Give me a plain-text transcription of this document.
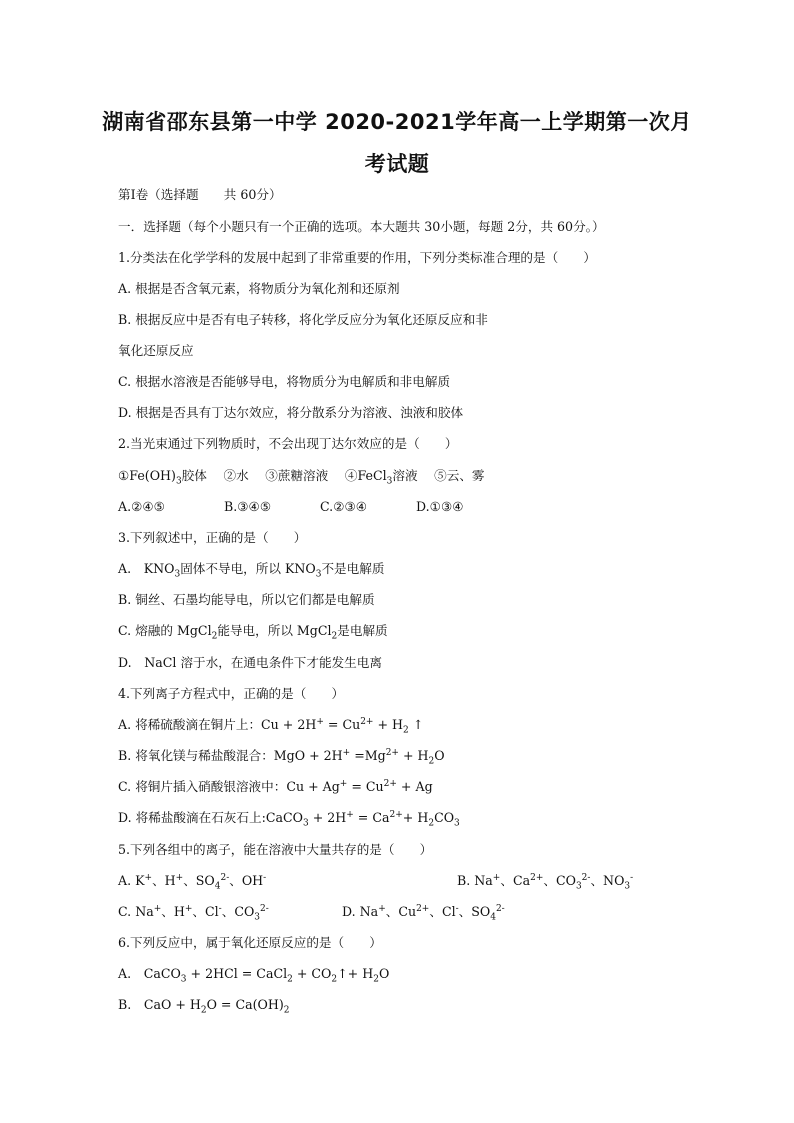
湖南省邵东县第一中学 2020-2021学年高一上学期第一次月
考试题
第Ⅰ卷（选择题　　共 60分）
一．选择题（每个小题只有一个正确的选项。本大题共 30小题，每题 2分，共 60分。）
1.分类法在化学学科的发展中起到了非常重要的作用，下列分类标准合理的是（　　）
A. 根据是否含氧元素，将物质分为氧化剂和还原剂
B. 根据反应中是否有电子转移，将化学反应分为氧化还原反应和非
氧化还原反应
C. 根据水溶液是否能够导电，将物质分为电解质和非电解质
D. 根据是否具有丁达尔效应，将分散系分为溶液、浊液和胶体
2.当光束通过下列物质时，不会出现丁达尔效应的是（　　）
$①Fe(OH)_3$胶体　 ②水　 ③蔗糖溶液　 ④FeCl$_3$溶液　 ⑤云、雾
A.②④⑤	B.③④⑤	C.②③④	D.①③④
3.下列叙述中，正确的是（　　）
A.　$KNO_3$固体不导电，所以 $KNO_3$不是电解质
B. 铜丝、石墨均能导电，所以它们都是电解质
C. 熔融的 MgCl$_2$能导电，所以 MgCl$_2$是电解质
D.　NaCl 溶于水，在通电条件下才能发生电离
4.下列离子方程式中，正确的是（　　）
A. 将稀硫酸滴在铜片上：$Cu + 2H^+ = Cu^{2+} + H_2$ ↑
B. 将氧化镁与稀盐酸混合：MgO + $2H^+ =Mg^{2+} + H_2O$
C. 将铜片插入硝酸银溶液中：$Cu + Ag^+ = Cu^{2+} + Ag$
D. 将稀盐酸滴在石灰石上:CaCO$_3$ + $2H^+ = Ca^{2+}+ H_2CO_3$
5.下列各组中的离子，能在溶液中大量共存的是（　　）
A. K+、H+、$SO_4^{2-}$、OH-	B. Na+、$Ca^{2+}$、$CO_3^{2-}$、$NO_3^-$
C. Na+、H+、Cl-、$CO_3^{2-}$	D. Na+、$Cu^{2+}$、Cl-、$SO_4^{2-}$
6.下列反应中，属于氧化还原反应的是（　　）
A.　CaCO$_3$ + 2HCl = CaCl$_2$ + $CO_2↑+ H_2O$
B.　CaO + $H_2O = Ca(OH)_2$
